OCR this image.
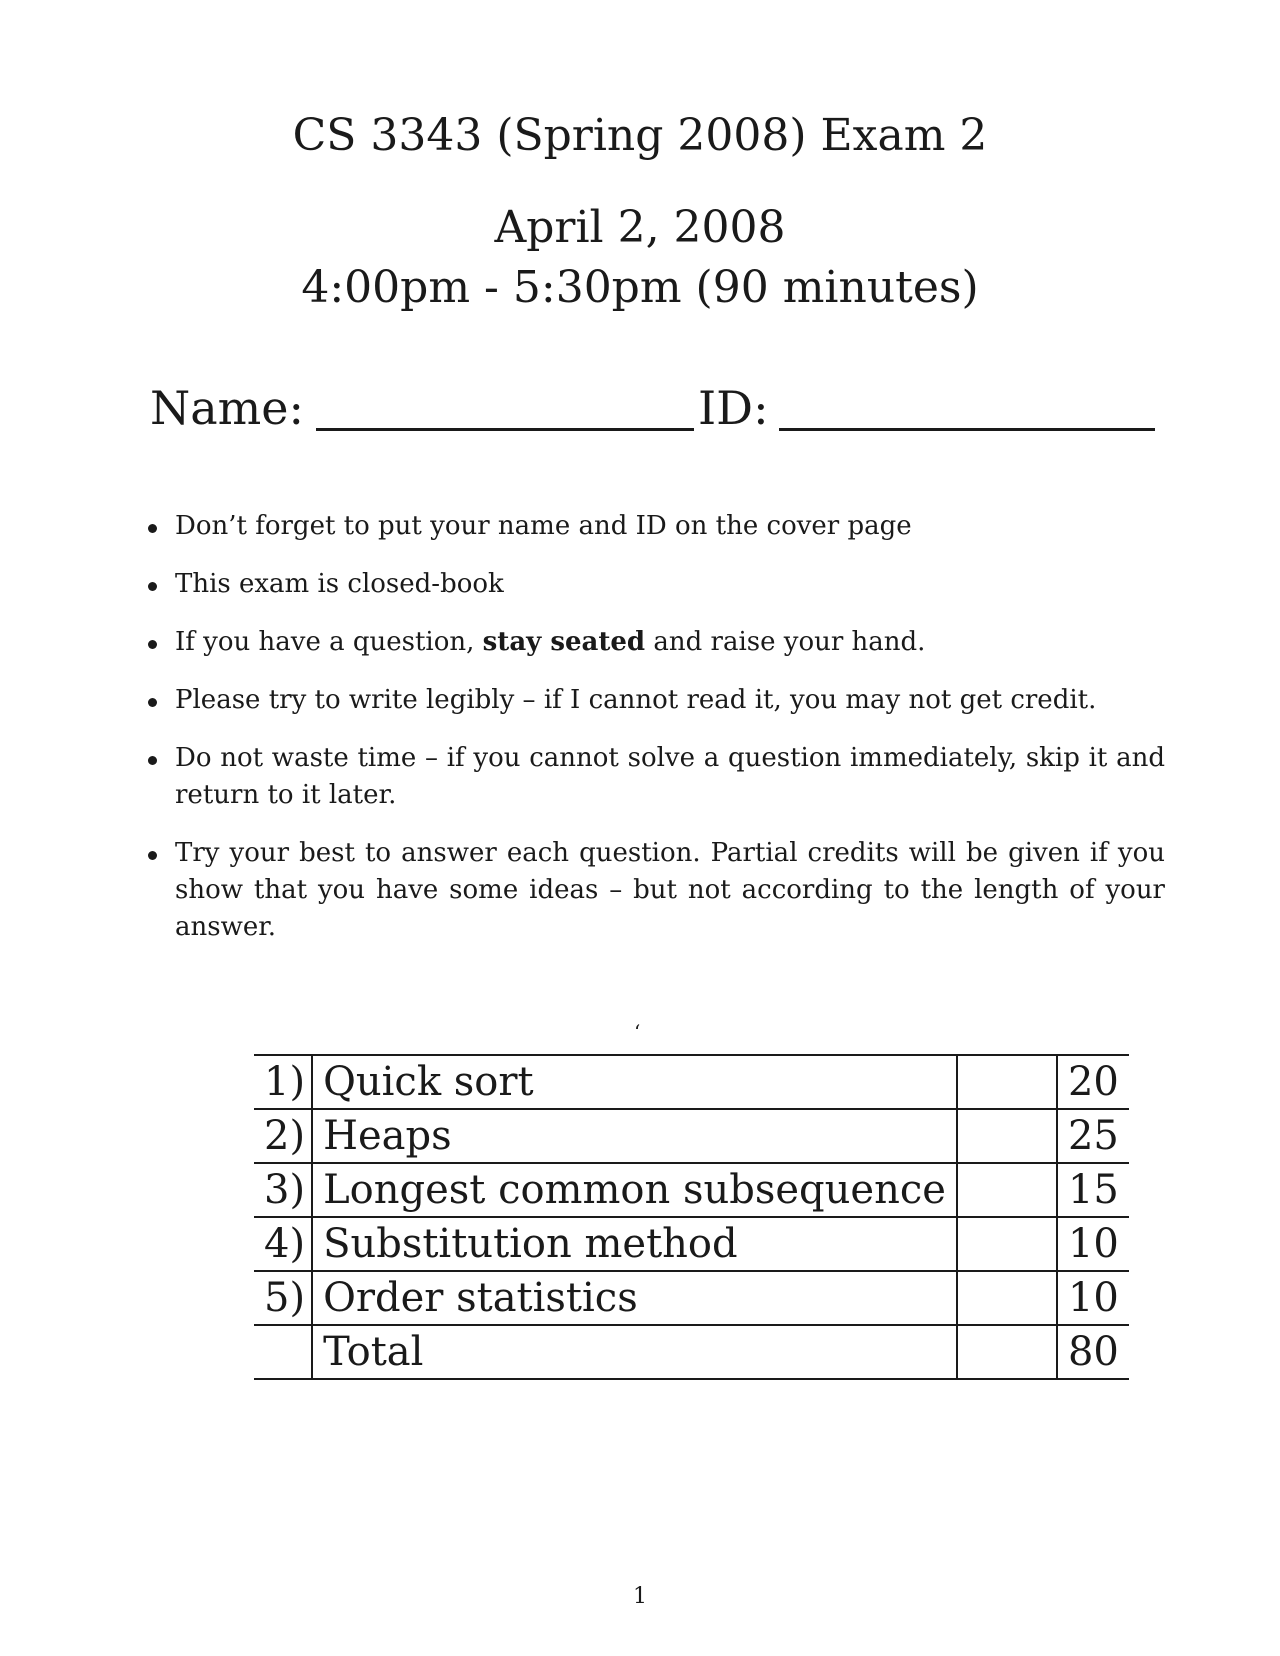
CS 3343 (Spring 2008) Exam 2
April 2, 2008
4:00pm - 5:30pm (90 minutes)
Name:	ID:
Don’t forget to put your name and ID on the cover page
This exam is closed-book
If you have a question, stay seated and raise your hand.
Please try to write legibly – if I cannot read it, you may not get credit.
Do not waste time – if you cannot solve a question immediately, skip it and return to it later.
Try your best to answer each question. Partial credits will be given if you show that you have some ideas – but not according to the length of your answer.
‘
1)	Quick sort		20
2)	Heaps		25
3)	Longest common subsequence		15
4)	Substitution method		10
5)	Order statistics		10
	Total		80
1
